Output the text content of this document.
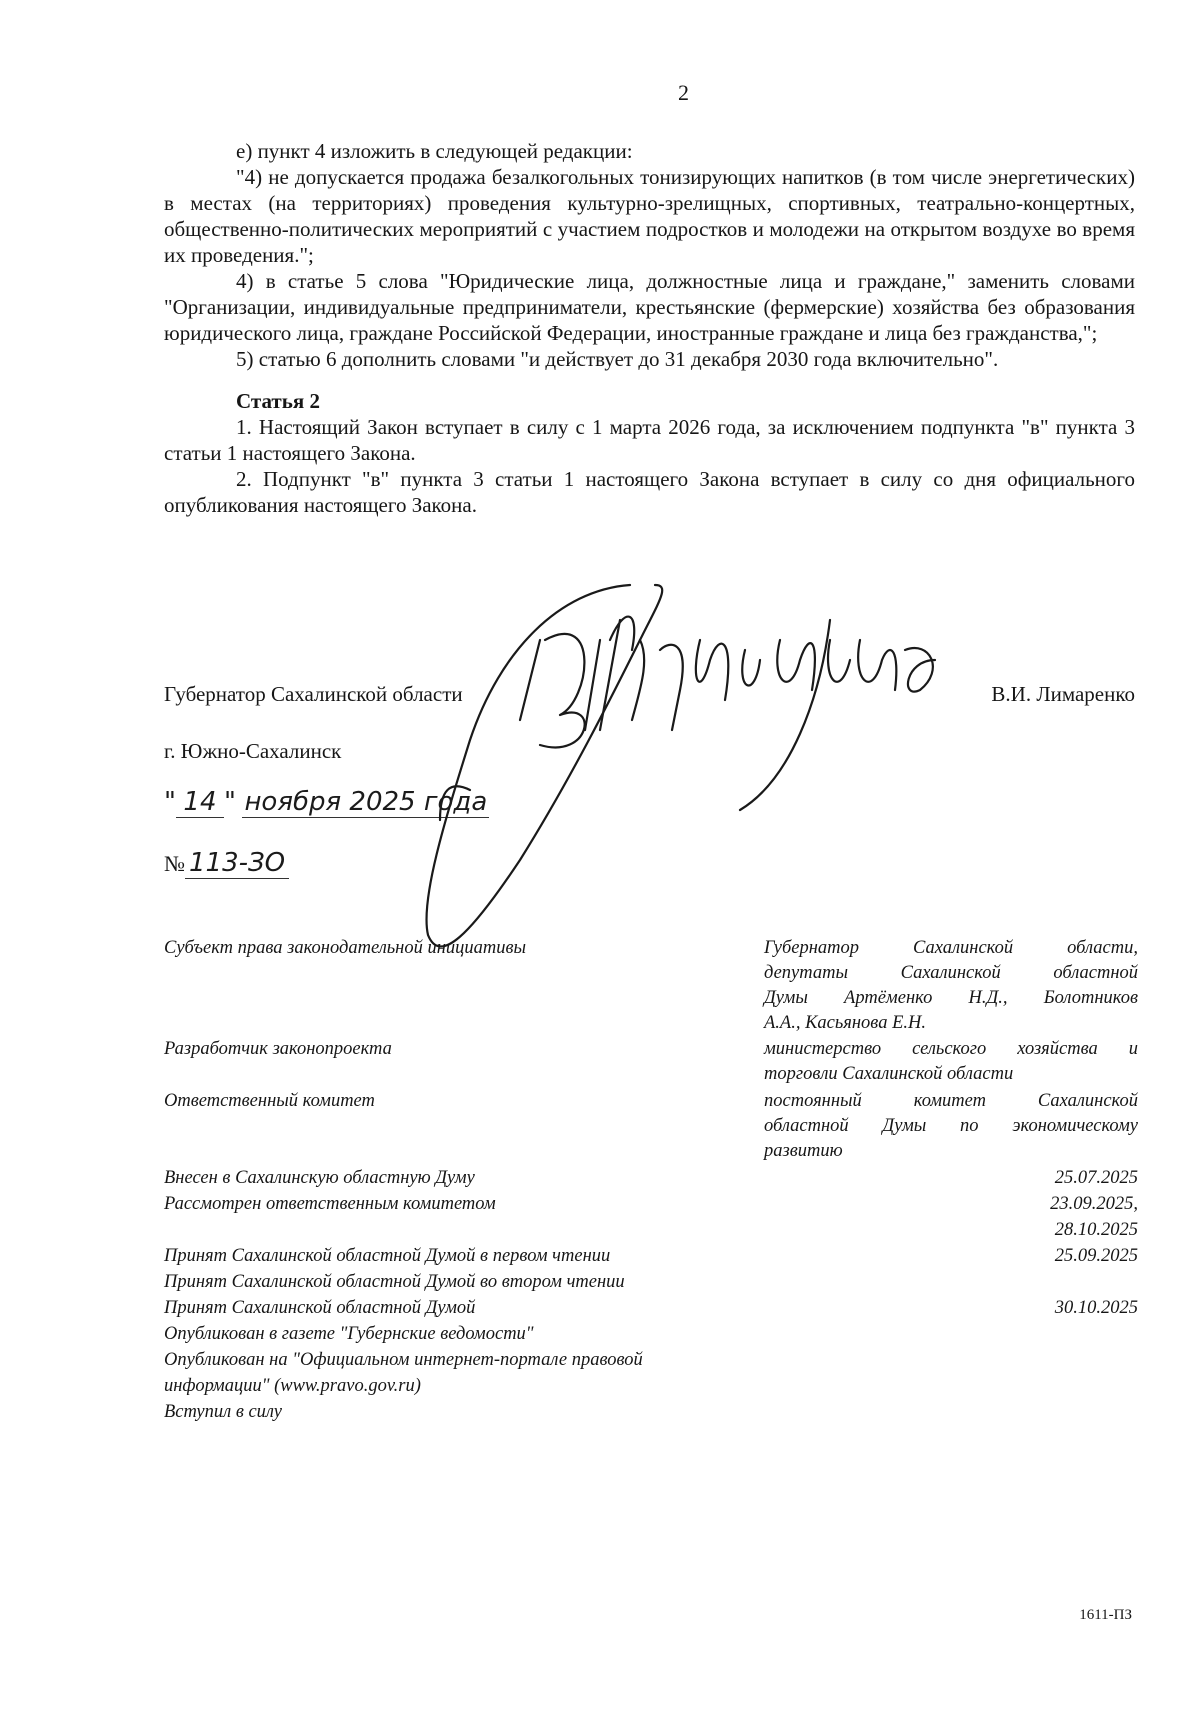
2

е) пункт 4 изложить в следующей редакции:

"4) не допускается продажа безалкогольных тонизирующих напитков (в том числе энергетических) в местах (на территориях) проведения культурно-зрелищных, спортивных, театрально-концертных, общественно-политических мероприятий с участием подростков и молодежи на открытом воздухе во время их проведения.";

4) в статье 5 слова "Юридические лица, должностные лица и граждане," заменить словами "Организации, индивидуальные предприниматели, крестьянские (фермерские) хозяйства без образования юридического лица, граждане Российской Федерации, иностранные граждане и лица без гражданства,";

5) статью 6 дополнить словами "и действует до 31 декабря 2030 года включительно".

Статья 2

1. Настоящий Закон вступает в силу с 1 марта 2026 года, за исключением подпункта "в" пункта 3 статьи 1 настоящего Закона.

2. Подпункт "в" пункта 3 статьи 1 настоящего Закона вступает в силу со дня официального опубликования настоящего Закона.

Губернатор Сахалинской области	В.И. Лимаренко
г. Южно-Сахалинск
" 14 " ноября 2025 года
№ 113-ЗО
Субъект права законодательной инициативы	Губернатор Сахалинской области,
депутаты Сахалинской областной
Думы Артёменко Н.Д., Болотников
А.А., Касьянова Е.Н.
Разработчик законопроекта	министерство сельского хозяйства и
торговли Сахалинской области
Ответственный комитет	постоянный комитет Сахалинской
областной Думы по экономическому
развитию
Внесен в Сахалинскую областную Думу	25.07.2025
Рассмотрен ответственным комитетом	23.09.2025,
28.10.2025
Принят Сахалинской областной Думой в первом чтении	25.09.2025
Принят Сахалинской областной Думой во втором чтении
Принят Сахалинской областной Думой	30.10.2025
Опубликован в газете "Губернские ведомости"
Опубликован на "Официальном интернет-портале правовой
информации" (www.pravo.gov.ru)
Вступил в силу
1611-ПЗ
